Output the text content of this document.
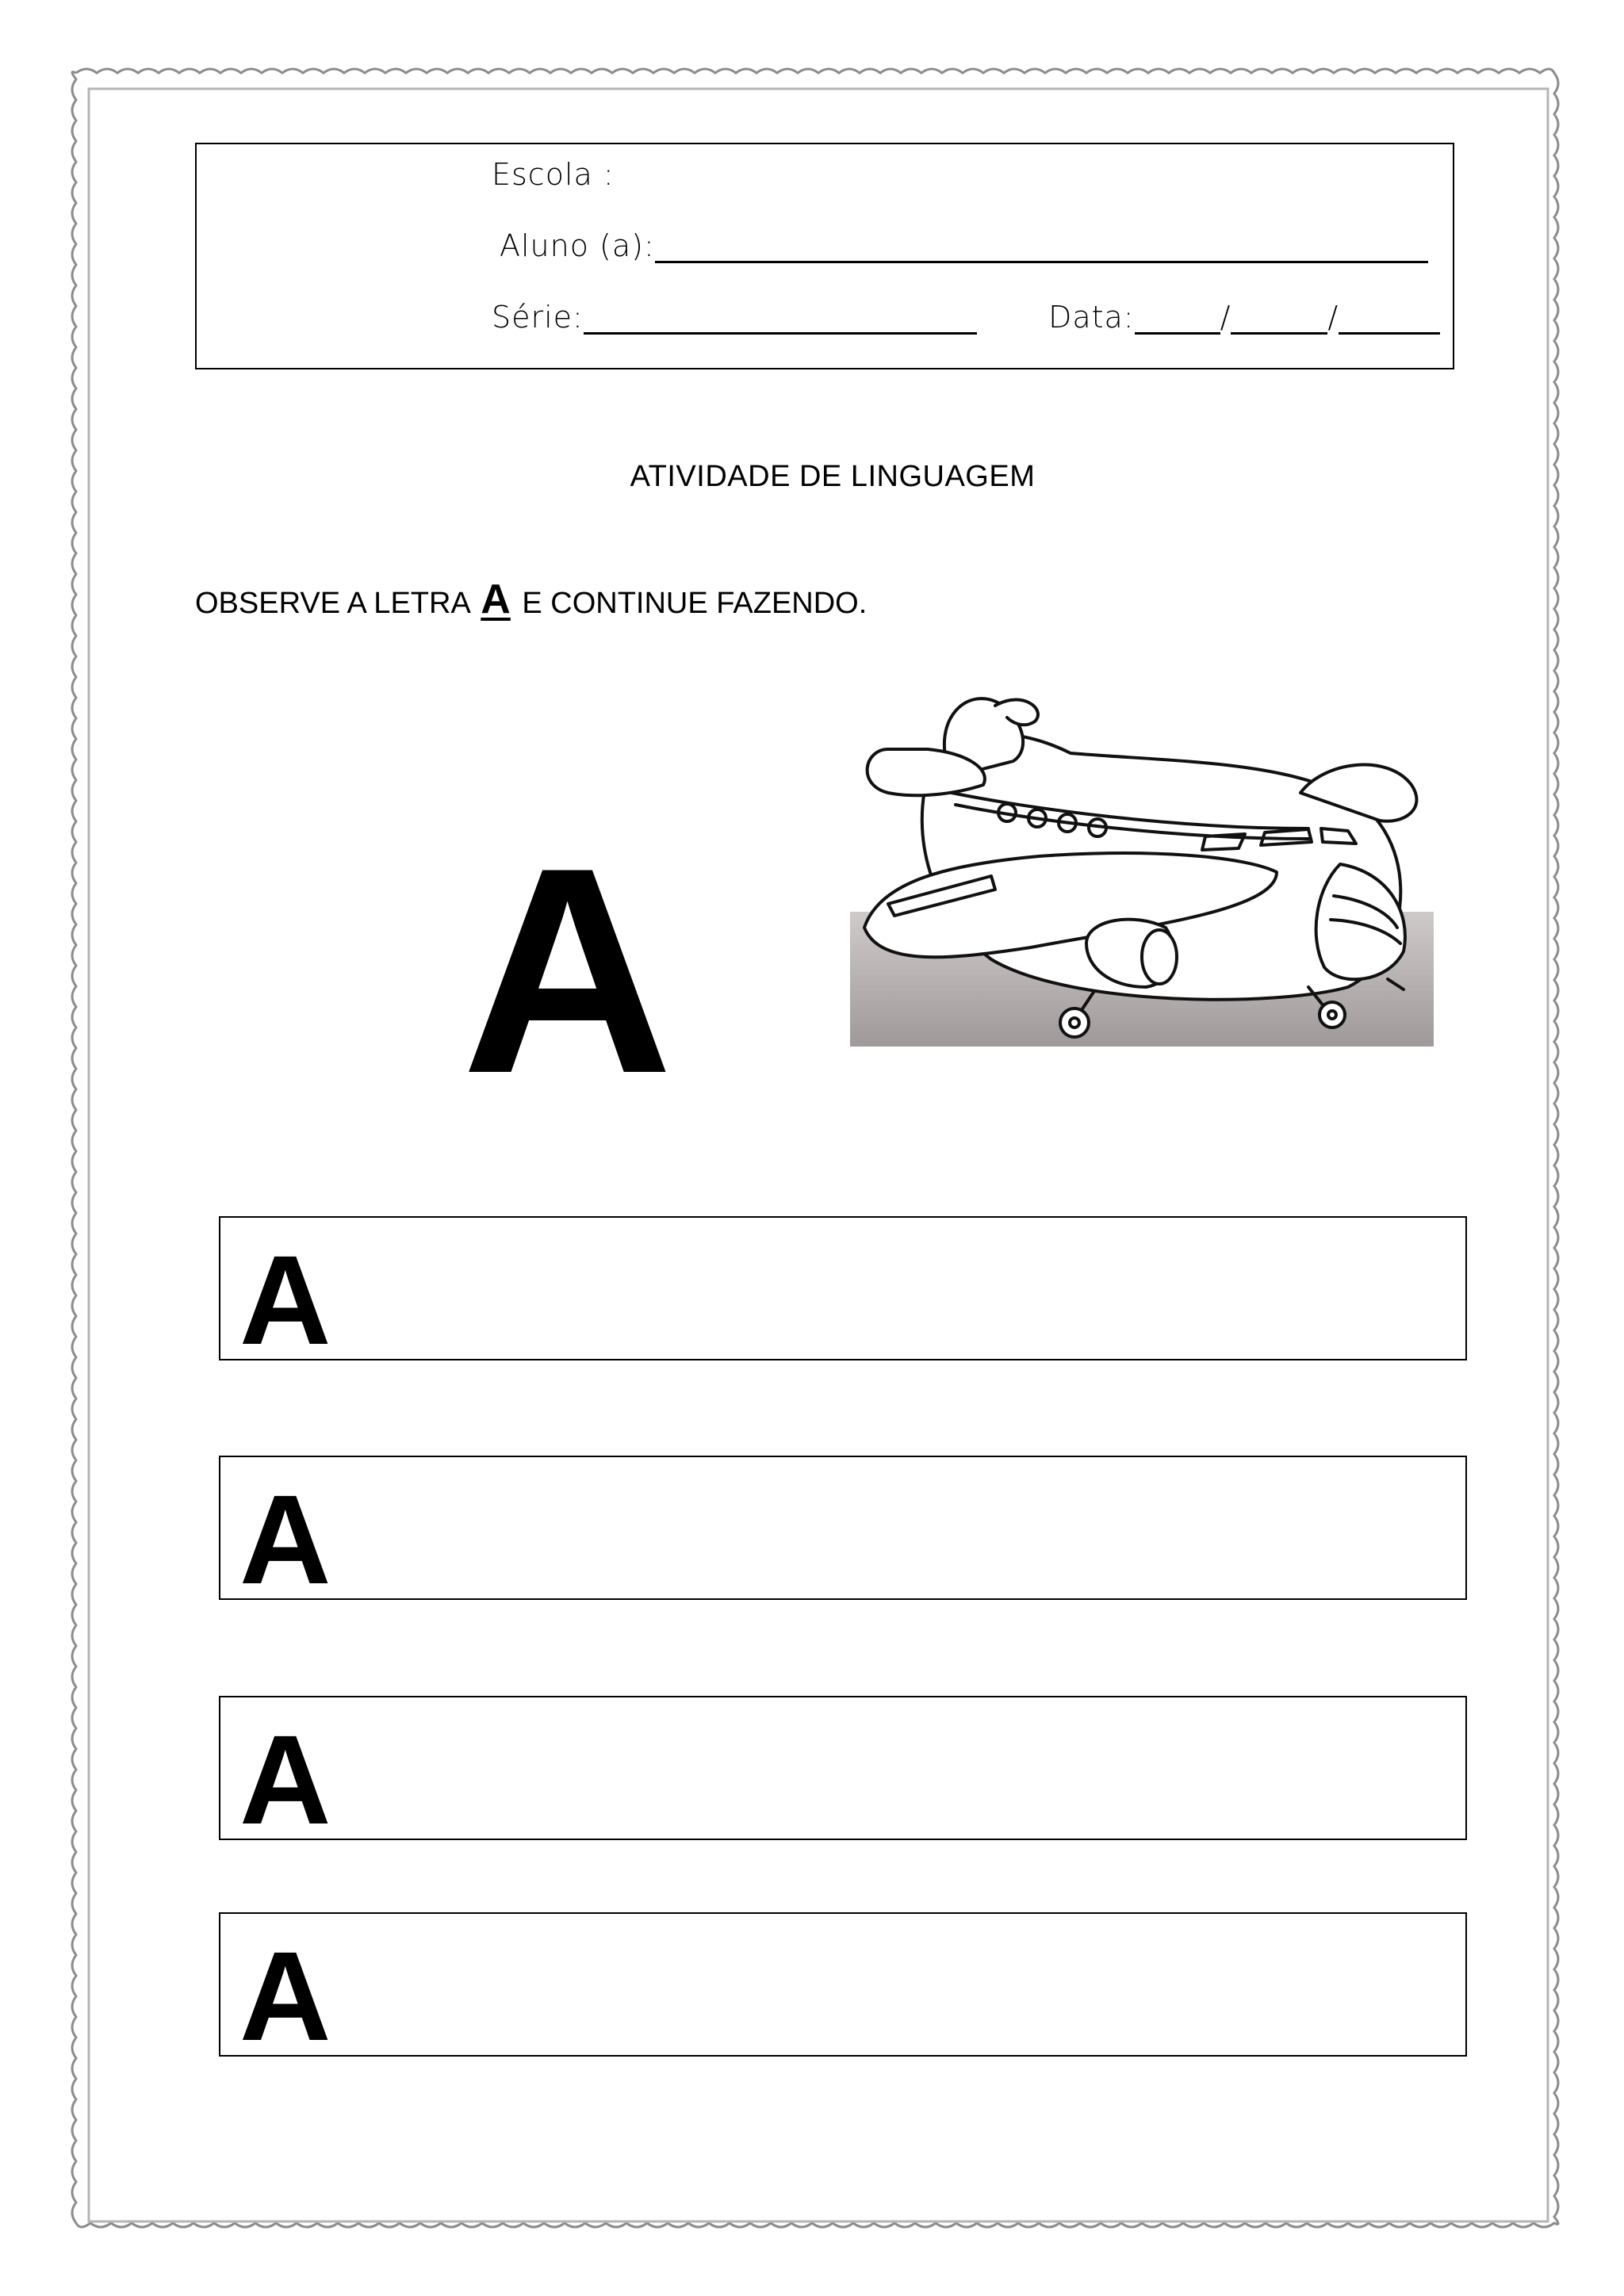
Escola :
Aluno (a):
Série:	Data:	/	/
ATIVIDADE DE LINGUAGEM
OBSERVE A LETRA A E CONTINUE FAZENDO.
A
A
A
A
A
